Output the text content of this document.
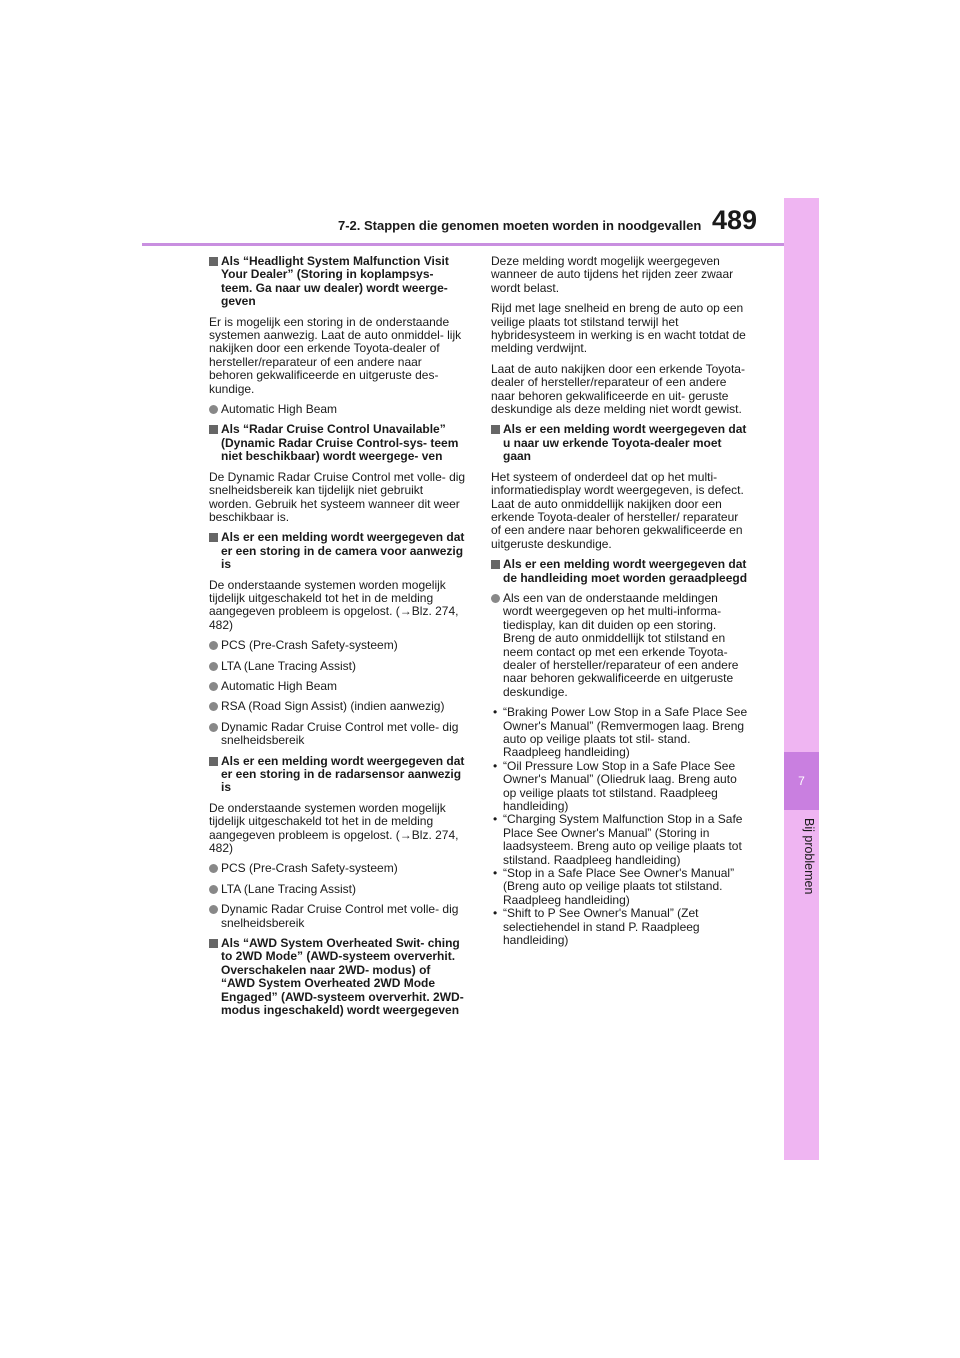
7-2. Stappen die genomen moeten worden in noodgevallen 489
7
Bij problemen
Als “Headlight System Malfunction Visit Your Dealer” (Storing in koplampsys- teem. Ga naar uw dealer) wordt weerge- geven
Er is mogelijk een storing in de onderstaande systemen aanwezig. Laat de auto onmiddel- lijk nakijken door een erkende Toyota-dealer of hersteller/reparateur of een andere naar behoren gekwalificeerde en uitgeruste des- kundige.
Automatic High Beam
Als “Radar Cruise Control Unavailable” (Dynamic Radar Cruise Control-sys- teem niet beschikbaar) wordt weergege- ven
De Dynamic Radar Cruise Control met volle- dig snelheidsbereik kan tijdelijk niet gebruikt worden. Gebruik het systeem wanneer dit weer beschikbaar is.
Als er een melding wordt weergegeven dat er een storing in de camera voor aanwezig is
De onderstaande systemen worden mogelijk tijdelijk uitgeschakeld tot het in de melding aangegeven probleem is opgelost. (→Blz. 274, 482)
PCS (Pre-Crash Safety-systeem)
LTA (Lane Tracing Assist)
Automatic High Beam
RSA (Road Sign Assist) (indien aanwezig)
Dynamic Radar Cruise Control met volle- dig snelheidsbereik
Als er een melding wordt weergegeven dat er een storing in de radarsensor aanwezig is
De onderstaande systemen worden mogelijk tijdelijk uitgeschakeld tot het in de melding aangegeven probleem is opgelost. (→Blz. 274, 482)
PCS (Pre-Crash Safety-systeem)
LTA (Lane Tracing Assist)
Dynamic Radar Cruise Control met volle- dig snelheidsbereik
Als “AWD System Overheated Swit- ching to 2WD Mode” (AWD-systeem oververhit. Overschakelen naar 2WD- modus) of “AWD System Overheated 2WD Mode Engaged” (AWD-systeem oververhit. 2WD-modus ingeschakeld) wordt weergegeven
Deze melding wordt mogelijk weergegeven wanneer de auto tijdens het rijden zeer zwaar wordt belast.
Rijd met lage snelheid en breng de auto op een veilige plaats tot stilstand terwijl het hybridesysteem in werking is en wacht totdat de melding verdwijnt.
Laat de auto nakijken door een erkende Toyota-dealer of hersteller/reparateur of een andere naar behoren gekwalificeerde en uit- geruste deskundige als deze melding niet wordt gewist.
Als er een melding wordt weergegeven dat u naar uw erkende Toyota-dealer moet gaan
Het systeem of onderdeel dat op het multi- informatiedisplay wordt weergegeven, is defect. Laat de auto onmiddellijk nakijken door een erkende Toyota-dealer of hersteller/ reparateur of een andere naar behoren gekwalificeerde en uitgeruste deskundige.
Als er een melding wordt weergegeven dat de handleiding moet worden geraadpleegd
Als een van de onderstaande meldingen wordt weergegeven op het multi-informa- tiedisplay, kan dit duiden op een storing. Breng de auto onmiddellijk tot stilstand en neem contact op met een erkende Toyota- dealer of hersteller/reparateur of een andere naar behoren gekwalificeerde en uitgeruste deskundige.
• “Braking Power Low Stop in a Safe Place See Owner's Manual” (Remvermogen laag. Breng auto op veilige plaats tot stil- stand. Raadpleeg handleiding)
• “Oil Pressure Low Stop in a Safe Place See Owner's Manual” (Oliedruk laag. Breng auto op veilige plaats tot stilstand. Raadpleeg handleiding)
• “Charging System Malfunction Stop in a Safe Place See Owner's Manual” (Storing in laadsysteem. Breng auto op veilige plaats tot stilstand. Raadpleeg handleiding)
• “Stop in a Safe Place See Owner's Manual” (Breng auto op veilige plaats tot stilstand. Raadpleeg handleiding)
• “Shift to P See Owner's Manual” (Zet selectiehendel in stand P. Raadpleeg handleiding)
